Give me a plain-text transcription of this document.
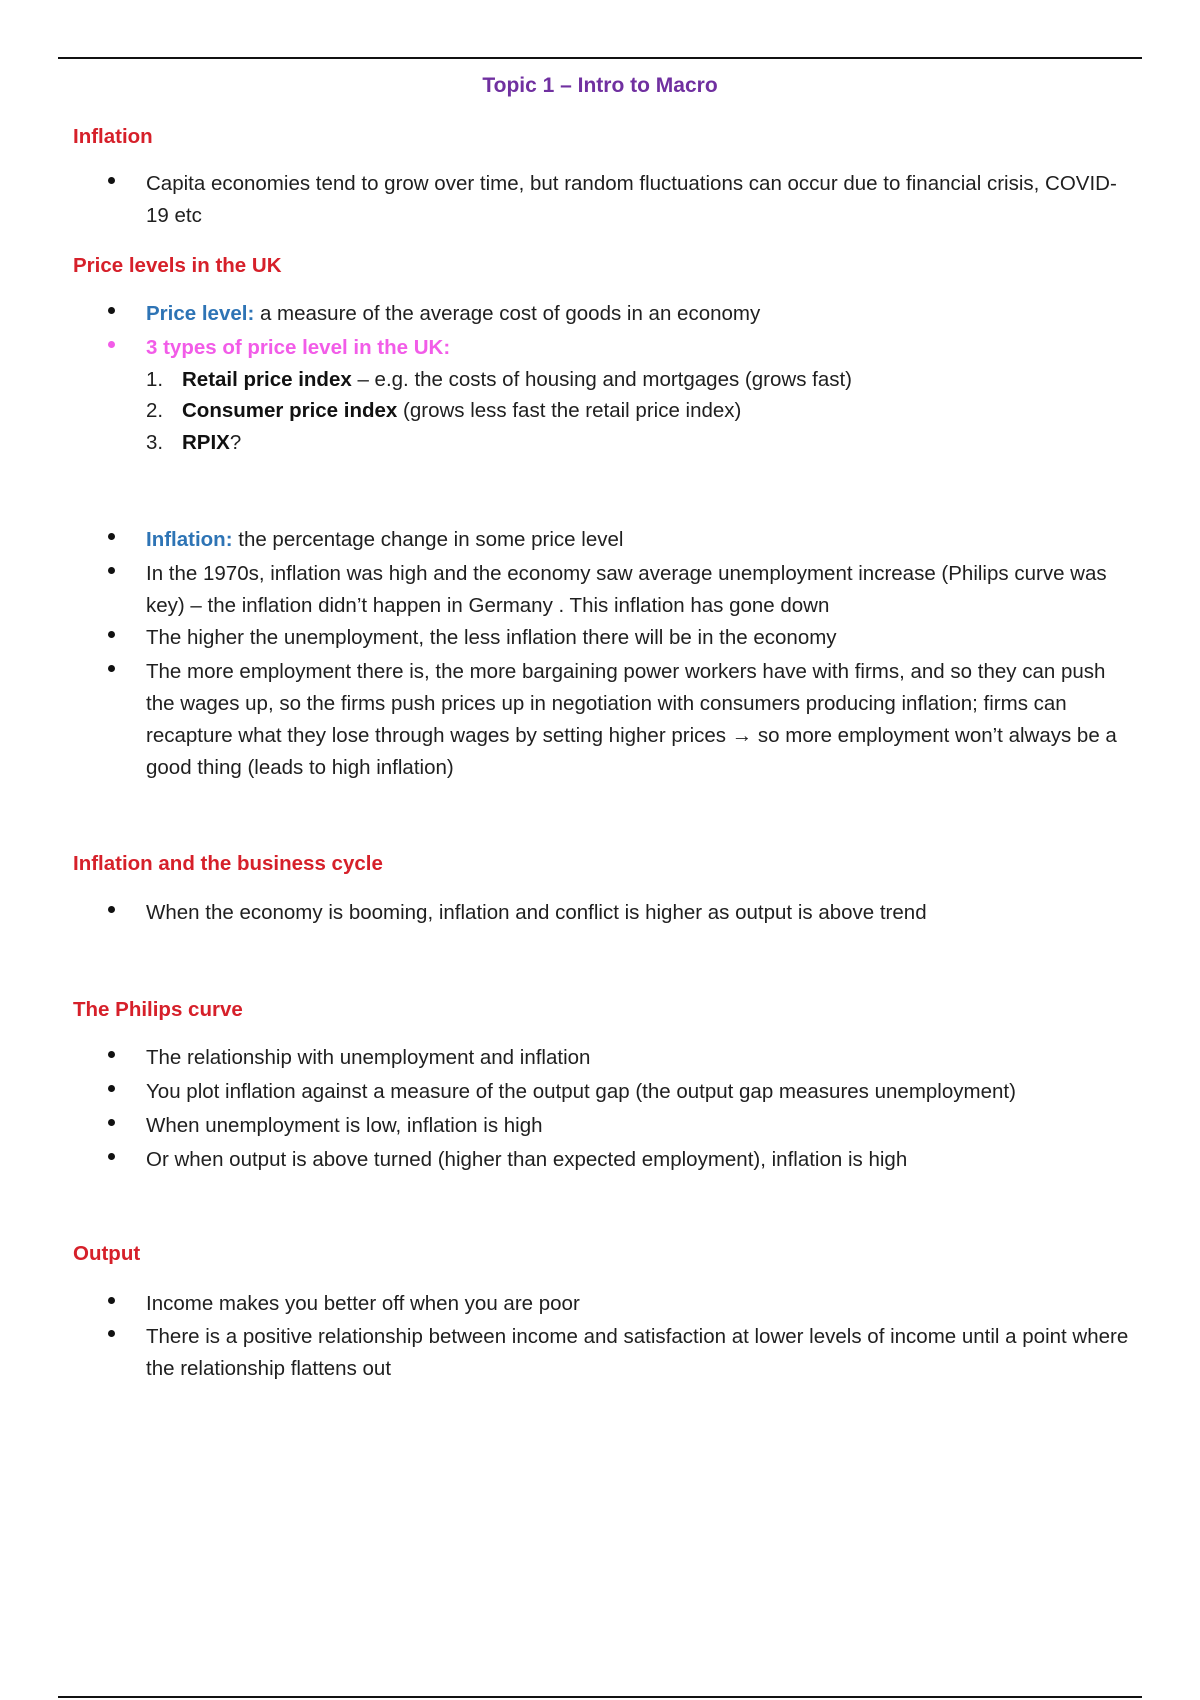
Topic 1 – Intro to Macro
Inflation
Capita economies tend to grow over time, but random fluctuations can occur due to financial crisis, COVID-19 etc
Price levels in the UK
Price level: a measure of the average cost of goods in an economy
3 types of price level in the UK:
1. Retail price index – e.g. the costs of housing and mortgages (grows fast)
2. Consumer price index (grows less fast the retail price index)
3. RPIX?
Inflation: the percentage change in some price level
In the 1970s, inflation was high and the economy saw average unemployment increase (Philips curve was key) – the inflation didn’t happen in Germany . This inflation has gone down
The higher the unemployment, the less inflation there will be in the economy
The more employment there is, the more bargaining power workers have with firms, and so they can push the wages up, so the firms push prices up in negotiation with consumers producing inflation; firms can recapture what they lose through wages by setting higher prices → so more employment won’t always be a good thing (leads to high inflation)
Inflation and the business cycle
When the economy is booming, inflation and conflict is higher as output is above trend
The Philips curve
The relationship with unemployment and inflation
You plot inflation against a measure of the output gap (the output gap measures unemployment)
When unemployment is low, inflation is high
Or when output is above turned (higher than expected employment), inflation is high
Output
Income makes you better off when you are poor
There is a positive relationship between income and satisfaction at lower levels of income until a point where the relationship flattens out
